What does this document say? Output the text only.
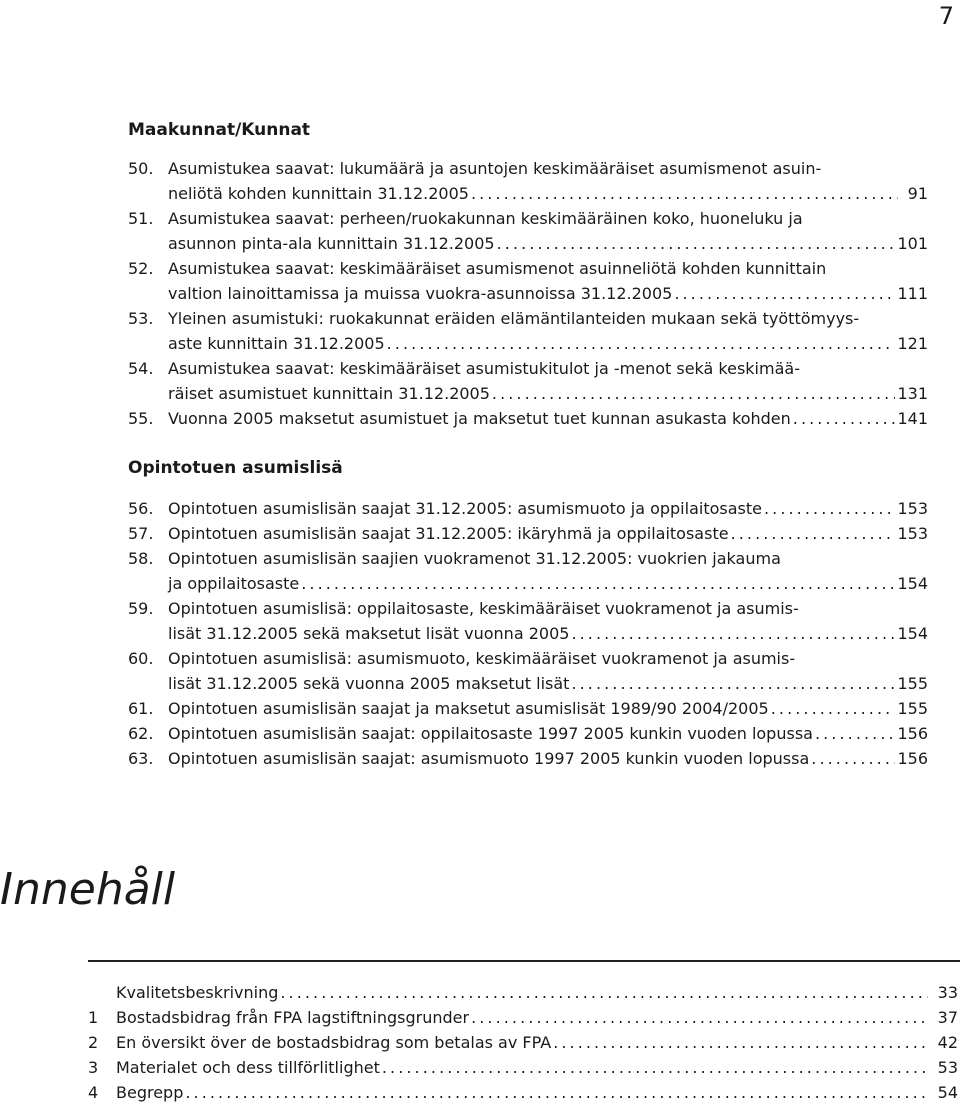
7
Maakunnat/Kunnat
50. Asumistukea saavat: lukumäärä ja asuntojen keskimääräiset asumismenot asuin-
neliötä kohden kunnittain 31.12.2005 . . .	91
51. Asumistukea saavat: perheen/ruokakunnan keskimääräinen koko, huoneluku ja
asunnon pinta-ala kunnittain 31.12.2005 . . .	101
52. Asumistukea saavat: keskimääräiset asumismenot asuinneliötä kohden kunnittain
valtion lainoittamissa ja muissa vuokra-asunnoissa 31.12.2005 . . .	111
53. Yleinen asumistuki: ruokakunnat eräiden elämäntilanteiden mukaan sekä työttömyys-
aste kunnittain 31.12.2005 . . .	121
54. Asumistukea saavat: keskimääräiset asumistukitulot ja -menot sekä keskimää-
räiset asumistuet kunnittain 31.12.2005 . . .	131
55. Vuonna 2005 maksetut asumistuet ja maksetut tuet kunnan asukasta kohden . . .	141
Opintotuen asumislisä
56. Opintotuen asumislisän saajat 31.12.2005: asumismuoto ja oppilaitosaste . . .	153
57. Opintotuen asumislisän saajat 31.12.2005: ikäryhmä ja oppilaitosaste . . .	153
58. Opintotuen asumislisän saajien vuokramenot 31.12.2005: vuokrien jakauma
ja oppilaitosaste . . .	154
59. Opintotuen asumislisä: oppilaitosaste, keskimääräiset vuokramenot ja asumis-
lisät 31.12.2005 sekä maksetut lisät vuonna 2005 . . .	154
60. Opintotuen asumislisä: asumismuoto, keskimääräiset vuokramenot ja asumis-
lisät 31.12.2005 sekä vuonna 2005 maksetut lisät . . .	155
61. Opintotuen asumislisän saajat ja maksetut asumislisät 1989/90 2004/2005 . . .	155
62. Opintotuen asumislisän saajat: oppilaitosaste 1997 2005 kunkin vuoden lopussa . . .	156
63. Opintotuen asumislisän saajat: asumismuoto 1997 2005 kunkin vuoden lopussa . . .	156
Innehåll
Kvalitetsbeskrivning . . .	33
1	Bostadsbidrag från FPA lagstiftningsgrunder . . .	37
2	En översikt över de bostadsbidrag som betalas av FPA . . .	42
3	Materialet och dess tillförlitlighet . . .	53
4	Begrepp . . .	54
